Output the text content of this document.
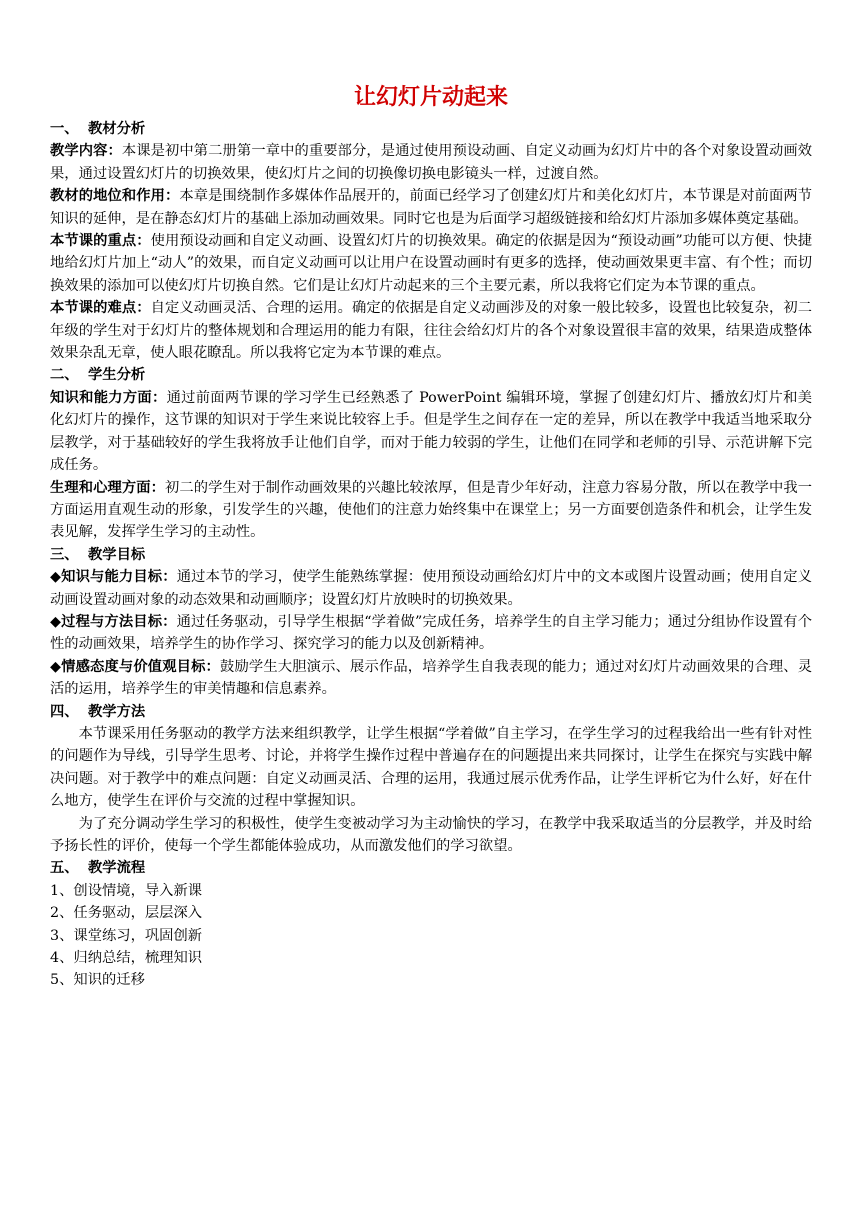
让幻灯片动起来
一、 教材分析

教学内容：本课是初中第二册第一章中的重要部分，是通过使用预设动画、自定义动画为幻灯片中的各个对象设置动画效果，通过设置幻灯片的切换效果，使幻灯片之间的切换像切换电影镜头一样，过渡自然。

教材的地位和作用：本章是围绕制作多媒体作品展开的，前面已经学习了创建幻灯片和美化幻灯片，本节课是对前面两节知识的延伸，是在静态幻灯片的基础上添加动画效果。同时它也是为后面学习超级链接和给幻灯片添加多媒体奠定基础。

本节课的重点：使用预设动画和自定义动画、设置幻灯片的切换效果。确定的依据是因为“预设动画”功能可以方便、快捷地给幻灯片加上“动人”的效果，而自定义动画可以让用户在设置动画时有更多的选择，使动画效果更丰富、有个性；而切换效果的添加可以使幻灯片切换自然。它们是让幻灯片动起来的三个主要元素，所以我将它们定为本节课的重点。

本节课的难点：自定义动画灵活、合理的运用。确定的依据是自定义动画涉及的对象一般比较多，设置也比较复杂，初二年级的学生对于幻灯片的整体规划和合理运用的能力有限，往往会给幻灯片的各个对象设置很丰富的效果，结果造成整体效果杂乱无章，使人眼花瞭乱。所以我将它定为本节课的难点。

二、 学生分析

知识和能力方面：通过前面两节课的学习学生已经熟悉了 PowerPoint 编辑环境，掌握了创建幻灯片、播放幻灯片和美化幻灯片的操作，这节课的知识对于学生来说比较容上手。但是学生之间存在一定的差异，所以在教学中我适当地采取分层教学，对于基础较好的学生我将放手让他们自学，而对于能力较弱的学生，让他们在同学和老师的引导、示范讲解下完成任务。

生理和心理方面：初二的学生对于制作动画效果的兴趣比较浓厚，但是青少年好动，注意力容易分散，所以在教学中我一方面运用直观生动的形象，引发学生的兴趣，使他们的注意力始终集中在课堂上；另一方面要创造条件和机会，让学生发表见解，发挥学生学习的主动性。

三、 教学目标

◆知识与能力目标：通过本节的学习，使学生能熟练掌握：使用预设动画给幻灯片中的文本或图片设置动画；使用自定义动画设置动画对象的动态效果和动画顺序；设置幻灯片放映时的切换效果。

◆过程与方法目标：通过任务驱动，引导学生根据“学着做”完成任务，培养学生的自主学习能力；通过分组协作设置有个性的动画效果，培养学生的协作学习、探究学习的能力以及创新精神。

◆情感态度与价值观目标：鼓励学生大胆演示、展示作品，培养学生自我表现的能力；通过对幻灯片动画效果的合理、灵活的运用，培养学生的审美情趣和信息素养。

四、 教学方法

本节课采用任务驱动的教学方法来组织教学，让学生根据“学着做”自主学习，在学生学习的过程我给出一些有针对性的问题作为导线，引导学生思考、讨论，并将学生操作过程中普遍存在的问题提出来共同探讨，让学生在探究与实践中解决问题。对于教学中的难点问题：自定义动画灵活、合理的运用，我通过展示优秀作品，让学生评析它为什么好，好在什么地方，使学生在评价与交流的过程中掌握知识。

为了充分调动学生学习的积极性，使学生变被动学习为主动愉快的学习，在教学中我采取适当的分层教学，并及时给予扬长性的评价，使每一个学生都能体验成功，从而激发他们的学习欲望。

五、 教学流程
1、创设情境，导入新课
2、任务驱动，层层深入
3、课堂练习，巩固创新
4、归纳总结，梳理知识
5、知识的迁移
